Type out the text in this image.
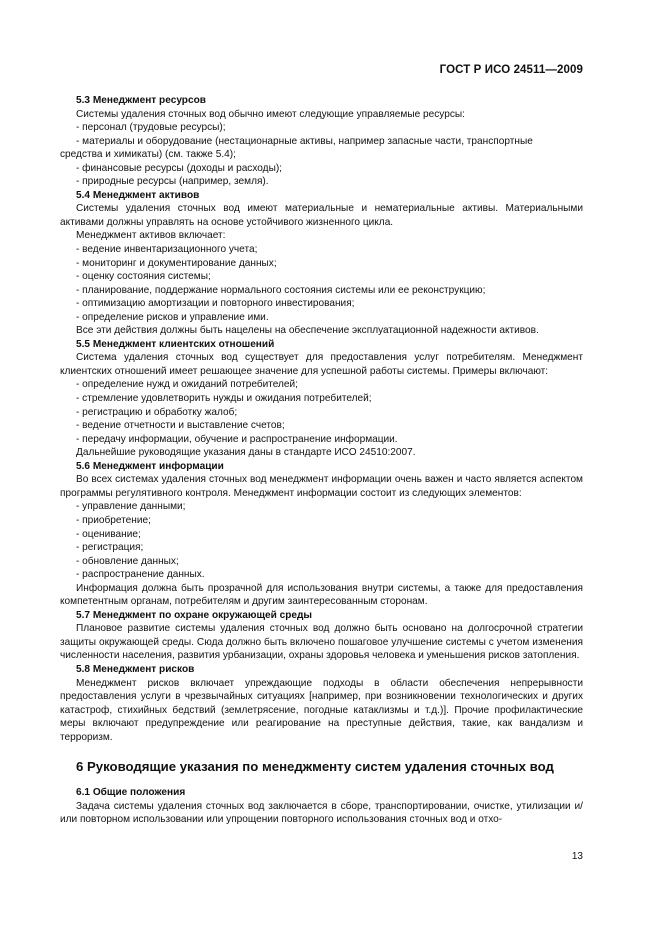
ГОСТ Р ИСО 24511—2009
5.3 Менеджмент ресурсов

Системы удаления сточных вод обычно имеют следующие управляемые ресурсы:

- персонал (трудовые ресурсы);
- материалы и оборудование (нестационарные активы, например запасные части, транспортные

средства и химикаты) (см. также 5.4);

- финансовые ресурсы (доходы и расходы);
- природные ресурсы (например, земля).
5.4 Менеджмент активов

Системы удаления сточных вод имеют материальные и нематериальные активы. Материальными активами должны управлять на основе устойчивого жизненного цикла.

Менеджмент активов включает:

- ведение инвентаризационного учета;
- мониторинг и документирование данных;
- оценку состояния системы;
- планирование, поддержание нормального состояния системы или ее реконструкцию;
- оптимизацию амортизации и повторного инвестирования;
- определение рисков и управление ими.

Все эти действия должны быть нацелены на обеспечение эксплуатационной надежности активов.

5.5 Менеджмент клиентских отношений

Система удаления сточных вод существует для предоставления услуг потребителям. Менеджмент клиентских отношений имеет решающее значение для успешной работы системы. Примеры включают:

- определение нужд и ожиданий потребителей;
- стремление удовлетворить нужды и ожидания потребителей;
- регистрацию и обработку жалоб;
- ведение отчетности и выставление счетов;
- передачу информации, обучение и распространение информации.

Дальнейшие руководящие указания даны в стандарте ИСО 24510:2007.

5.6 Менеджмент информации

Во всех системах удаления сточных вод менеджмент информации очень важен и часто является аспектом программы регулятивного контроля. Менеджмент информации состоит из следующих элементов:

- управление данными;
- приобретение;
- оценивание;
- регистрация;
- обновление данных;
- распространение данных.

Информация должна быть прозрачной для использования внутри системы, а также для предоставления компетентным органам, потребителям и другим заинтересованным сторонам.

5.7 Менеджмент по охране окружающей среды

Плановое развитие системы удаления сточных вод должно быть основано на долгосрочной стратегии защиты окружающей среды. Сюда должно быть включено пошаговое улучшение системы с учетом изменения численности населения, развития урбанизации, охраны здоровья человека и уменьшения рисков затопления.

5.8 Менеджмент рисков

Менеджмент рисков включает упреждающие подходы в области обеспечения непрерывности предоставления услуги в чрезвычайных ситуациях [например, при возникновении технологических и других катастроф, стихийных бедствий (землетрясение, погодные катаклизмы и т.д.)]. Прочие профилактические меры включают предупреждение или реагирование на преступные действия, такие, как вандализм и терроризм.

6 Руководящие указания по менеджменту систем удаления сточных вод
6.1 Общие положения

Задача системы удаления сточных вод заключается в сборе, транспортировании, очистке, утилизации и/или повторном использовании или упрощении повторного использования сточных вод и отхо-

13
